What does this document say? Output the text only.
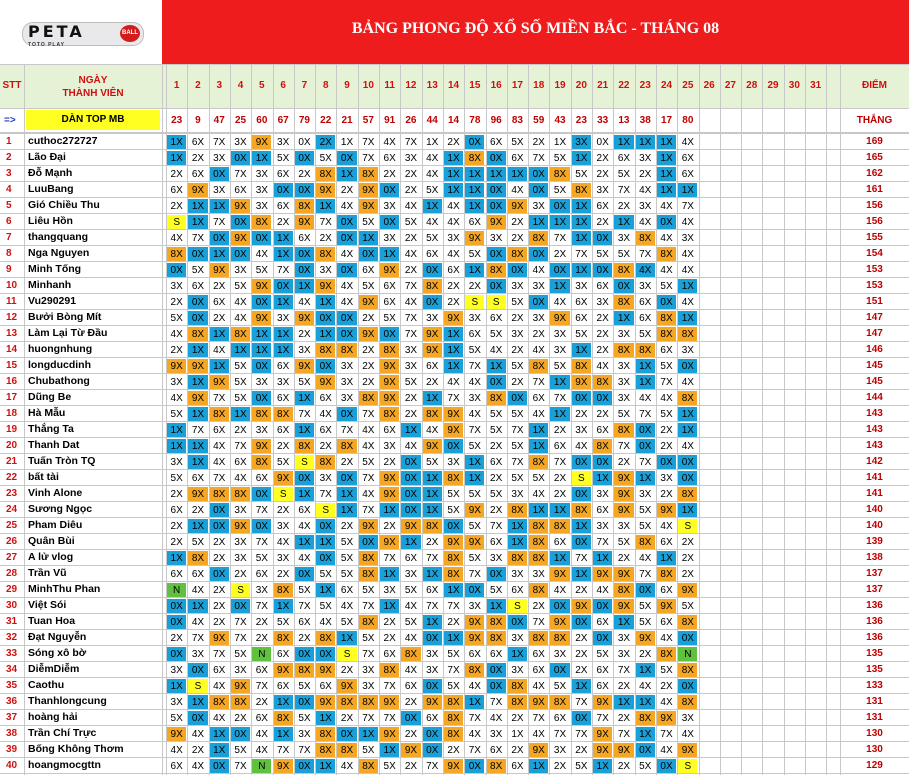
PETA	BALL
TOTO PLAY
BẢNG PHONG ĐỘ XỔ SỐ MIỀN BẮC - THÁNG 08
STT	NGÀY
THÀNH VIÊN
1	2	3	4	5	6	7	8	9	10	11	12	13	14	15	16	17	18	19	20	21	22	23	24	25	26	27	28	29	30	31	ĐIỂM
=>	DÀN TOP MB	23	9	47	25	60	67	79	22	21	57	91	26	44	14	78	96	83	59	43	23	33	13	38	17	80	THẮNG
1	cuthoc272727	1X 6X 7X 3X 9X 3X 0X 2X 1X 7X 4X 7X 1X 2X 0X 6X 5X 2X 1X 3X 0X 1X 1X 1X 4X	169
2	Lão Đại	1X 2X 3X 0X 1X 5X 0X 5X 0X 7X 6X 3X 4X 1X 8X 0X 6X 7X 5X 1X 2X 6X 3X 1X 6X	165
3	Đỗ Mạnh	2X 6X 0X 7X 3X 6X 2X 8X 1X 8X 2X 2X 4X 1X 1X 1X 1X 0X 8X 5X 2X 5X 2X 1X 6X	162
4	LuuBang	6X 9X 3X 6X 3X 0X 0X 9X 2X 9X 0X 2X 5X 1X 1X 0X 4X 0X 5X 8X 3X 7X 4X 1X 1X	161
5	Gió Chiều Thu	2X 1X 1X 9X 3X 6X 8X 1X 4X 9X 3X 4X 1X 4X 1X 0X 9X 3X 0X 1X 6X 2X 3X 4X 7X	156
6	Liêu Hồn	S	1X 7X 0X 8X 2X 9X 7X 0X 5X 0X 5X 4X 4X 6X 9X 2X 1X 1X 1X 2X 1X 4X 0X 4X	156
7	thangquang	4X 7X 0X 9X 0X 1X 6X 2X 0X 1X 3X 2X 5X 3X 9X 3X 2X 8X 7X 1X 0X 3X 8X 4X 3X	155
8	Nga Nguyen	8X 0X 1X 0X 4X 1X 0X 8X 4X 0X 1X 4X 6X 4X 5X 0X 8X 0X 2X 7X 5X 5X 7X 8X 4X	154
9	Minh Tống	0X 5X 9X 3X 5X 7X 0X 3X 0X 6X 9X 2X 0X 6X 1X 8X 0X 4X 0X 1X 0X 8X 4X 4X 4X	153
10	Minhanh	3X 6X 2X 5X 9X 0X 1X 9X 4X 5X 6X 7X 8X 2X 2X 0X 3X 3X 1X 3X 6X 0X 3X 5X 1X	153
11	Vu290291	2X 0X 6X 4X 0X 1X 4X 1X 4X 9X 6X 4X 0X 2X	S	S	5X 0X 4X 6X 3X 8X 6X 0X 4X	151
12	Bưởi Bòng Mít	5X 0X 2X 4X 9X 3X 9X 0X 0X 2X 5X 7X 3X 9X 3X 6X 2X 3X 9X 6X 2X 1X 6X 8X 1X	147
13	Làm Lại Từ Đầu	4X 8X 1X 8X 1X 1X 2X 1X 0X 9X 0X 7X 9X 1X 6X 5X 3X 2X 3X 5X 2X 3X 5X 8X 8X	147
14	huongnhung	2X 1X 4X 1X 1X 1X 3X 8X 8X 2X 8X 3X 9X 1X 5X 4X 2X 4X 3X 1X 2X 8X 8X 6X 3X	146
15	longducdinh	9X 9X 1X 5X 0X 6X 9X 0X 3X 2X 9X 3X 6X 1X 7X 1X 5X 8X 5X 8X 4X 3X 1X 5X 0X	145
16	Chubathong	3X 1X 9X 5X 3X 3X 5X 9X 3X 2X 9X 5X 2X 4X 4X 0X 2X 7X 1X 9X 8X 3X 1X 7X 4X	145
17	Dũng Be	4X 9X 7X 5X 0X 6X 1X 6X 3X 8X 9X 2X 1X 7X 3X 8X 0X 6X 7X 0X 0X 3X 4X 4X 8X	144
18	Hà Mẫu	5X 1X 8X 1X 8X 8X 7X 4X 0X 7X 8X 2X 8X 9X 4X 5X 5X 4X 1X 2X 2X 5X 7X 5X 1X	143
19	Thắng Ta	1X 7X 6X 2X 3X 6X 1X 6X 7X 4X 6X 1X 4X 9X 7X 5X 7X 1X 2X 3X 6X 8X 0X 2X 1X	143
20	Thanh Dat	1X 1X 4X 7X 9X 2X 8X 2X 8X 4X 3X 4X 9X 0X 5X 2X 5X 1X 6X 4X 8X 7X 0X 2X 4X	143
21	Tuấn Tròn TQ	3X 1X 4X 6X 8X 5X	S	8X 2X 5X 2X 0X 5X 3X 1X 6X 7X 8X 7X 0X 0X 2X 7X 0X 0X	142
22	bất tài	5X 6X 7X 4X 6X 9X 0X 3X 0X 7X 9X 0X 1X 8X 1X 2X 5X 5X 2X	S	1X 9X 1X 3X 0X	141
23	Vinh Alone	2X 9X 8X 8X 0X	S	1X 7X 1X 4X 9X 0X 1X 5X 5X 5X 3X 4X 2X 0X 3X 9X 3X 2X 8X	141
24	Sương Ngọc	6X 2X 0X 3X 7X 2X 6X	S	1X 7X 1X 0X 1X 5X 9X 2X 8X 1X 1X 8X 6X 9X 5X 9X 1X	140
25	Pham Diêu	2X 1X 0X 9X 0X 3X 4X 0X 2X 9X 2X 9X 8X 0X 5X 7X 1X 8X 8X 1X 3X 3X 5X 4X	S	140
26	Quân Bùi	2X 5X 2X 3X 7X 4X 1X 1X 5X 0X 9X 1X 2X 9X 9X 6X 1X 8X 6X 0X 7X 5X 8X 6X 2X	139
27	A lử vlog	1X 8X 2X 3X 5X 3X 4X 0X 5X 8X 7X 6X 7X 8X 5X 3X 8X 8X 1X 7X 1X 2X 4X 1X 2X	138
28	Trần Vũ	6X 6X 0X 2X 6X 2X 0X 5X 5X 8X 1X 3X 1X 8X 7X 0X 3X 3X 9X 1X 9X 9X 7X 8X 2X	137
29	MinhThu Phan	N	4X 2X	S	3X 8X 5X 1X 6X 5X 3X 5X 6X 1X 0X 5X 6X 8X 4X 2X 4X 8X 0X 6X 9X	137
30	Việt Sói	0X 1X 2X 0X 7X 1X 7X 5X 4X 7X 1X 4X 7X 7X 3X 1X	S	2X 0X 9X 0X 9X 5X 9X 5X	136
31	Tuan Hoa	0X 4X 2X 7X 2X 5X 6X 4X 5X 8X 2X 5X 1X 2X 9X 8X 0X 7X 9X 0X 6X 1X 5X 6X 8X	136
32	Đạt Nguyễn	2X 7X 9X 7X 2X 8X 2X 8X 1X 5X 2X 4X 0X 1X 9X 8X 3X 8X 8X 2X 0X 3X 9X 4X 0X	136
33	Sóng xô bờ	0X 3X 7X 5X	N	6X 0X 0X	S	7X 6X 8X 3X 5X 6X 6X 1X 6X 3X 2X 5X 3X 2X 8X	N	135
34	DiễmDiễm	3X 0X 6X 3X 6X 9X 8X 9X 2X 3X 8X 4X 3X 7X 8X 0X 3X 6X 0X 2X 6X 7X 1X 5X 8X	135
35	Caothu	1X	S	4X 9X 7X 6X 5X 6X 9X 3X 7X 6X 0X 5X 4X 0X 8X 4X 5X 1X 6X 2X 4X 2X 0X	133
36	Thanhlongcung	3X 1X 8X 8X 2X 1X 0X 9X 8X 8X 9X 2X 9X 8X 1X 7X 8X 9X 8X 7X 9X 1X 1X 4X 8X	131
37	hoàng hải	5X 0X 4X 2X 6X 8X 5X 1X 2X 7X 7X 0X 6X 8X 7X 4X 2X 7X 6X 0X 7X 2X 8X 9X 3X	131
38	Trần Chí Trực	9X 4X 1X 0X 4X 1X 3X 8X 0X 1X 9X 2X 0X 8X 4X 3X 1X 4X 7X 7X 9X 7X 1X 7X 4X	130
39	Bống Không Thơm	4X 2X 1X 5X 4X 7X 7X 8X 8X 5X 1X 9X 0X 2X 7X 6X 2X 9X 3X 2X 9X 9X 0X 4X 9X	130
40	hoangmocgttn	6X 4X 0X 7X	N	9X 0X 1X 4X 8X 5X 2X 7X 9X 0X 8X 6X 1X 2X 5X 1X 2X 5X 0X	S	129
